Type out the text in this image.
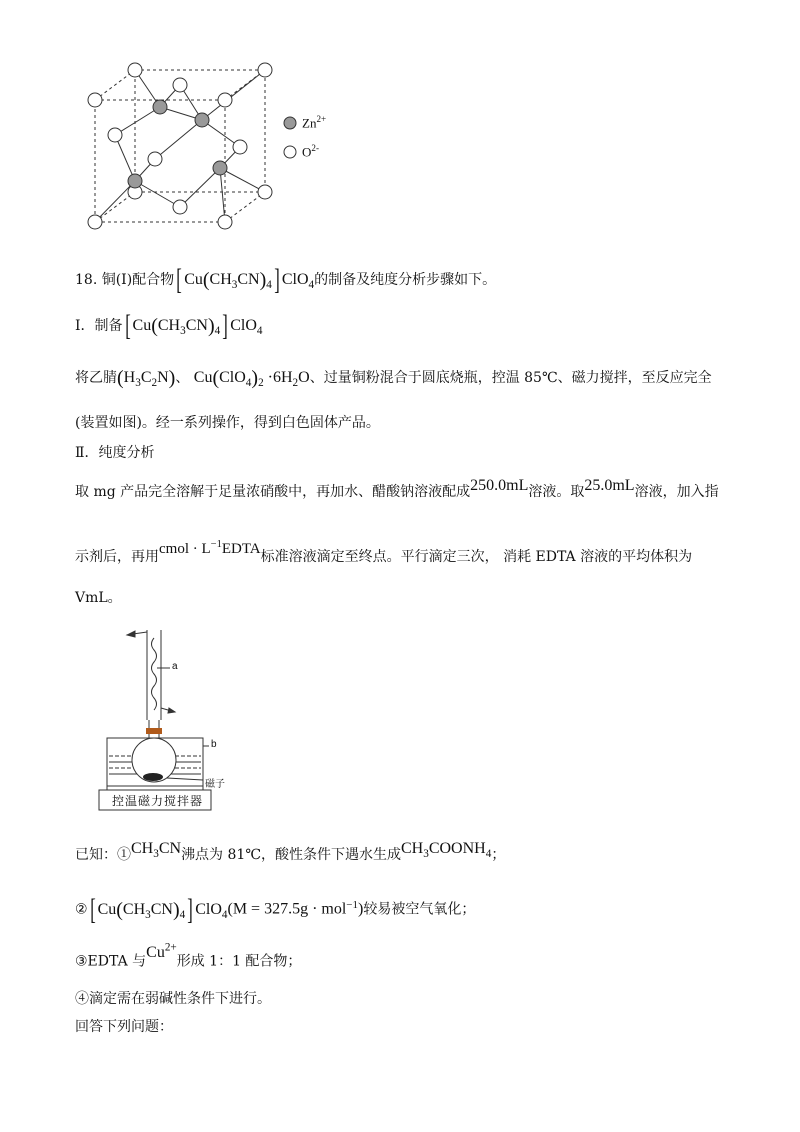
$Zn^{2+}$
$O^{2-}$
18. 铜(Ⅰ)配合物[ $Cu(CH_3CN)_4$] ClO$_4$的制备及纯度分析步骤如下。
Ⅰ．制备[ $Cu(CH_3CN)_4$] ClO$_4$
将乙腈$(H_3C_2N)$、 $Cu(ClO_4)_2 \cdot 6H_2O$、过量铜粉混合于圆底烧瓶，控温 85℃、磁力搅拌，至反应完全
(装置如图)。经一系列操作，得到白色固体产品。
Ⅱ．纯度分析
取 mg 产品完全溶解于足量浓硝酸中，再加水、醋酸钠溶液配成250.0mL溶液。取25.0mL溶液，加入指
示剂后，再用cmol · $L^{-1}EDTA$标准溶液滴定至终点。平行滴定三次， 消耗 EDTA 溶液的平均体积为
VmL。
a
b
磁子
控温磁力搅拌器
已知：$①CH_3CN$沸点为 81℃，酸性条件下遇水生成$CH_3COONH_4$；
②[ $Cu(CH_3CN)_4$] ClO$_4$(M = 327.5g · mol$^{-1}$)较易被空气氧化；
③EDTA 与$Cu^{2+}$形成 1：1 配合物；
④滴定需在弱碱性条件下进行。
回答下列问题：
